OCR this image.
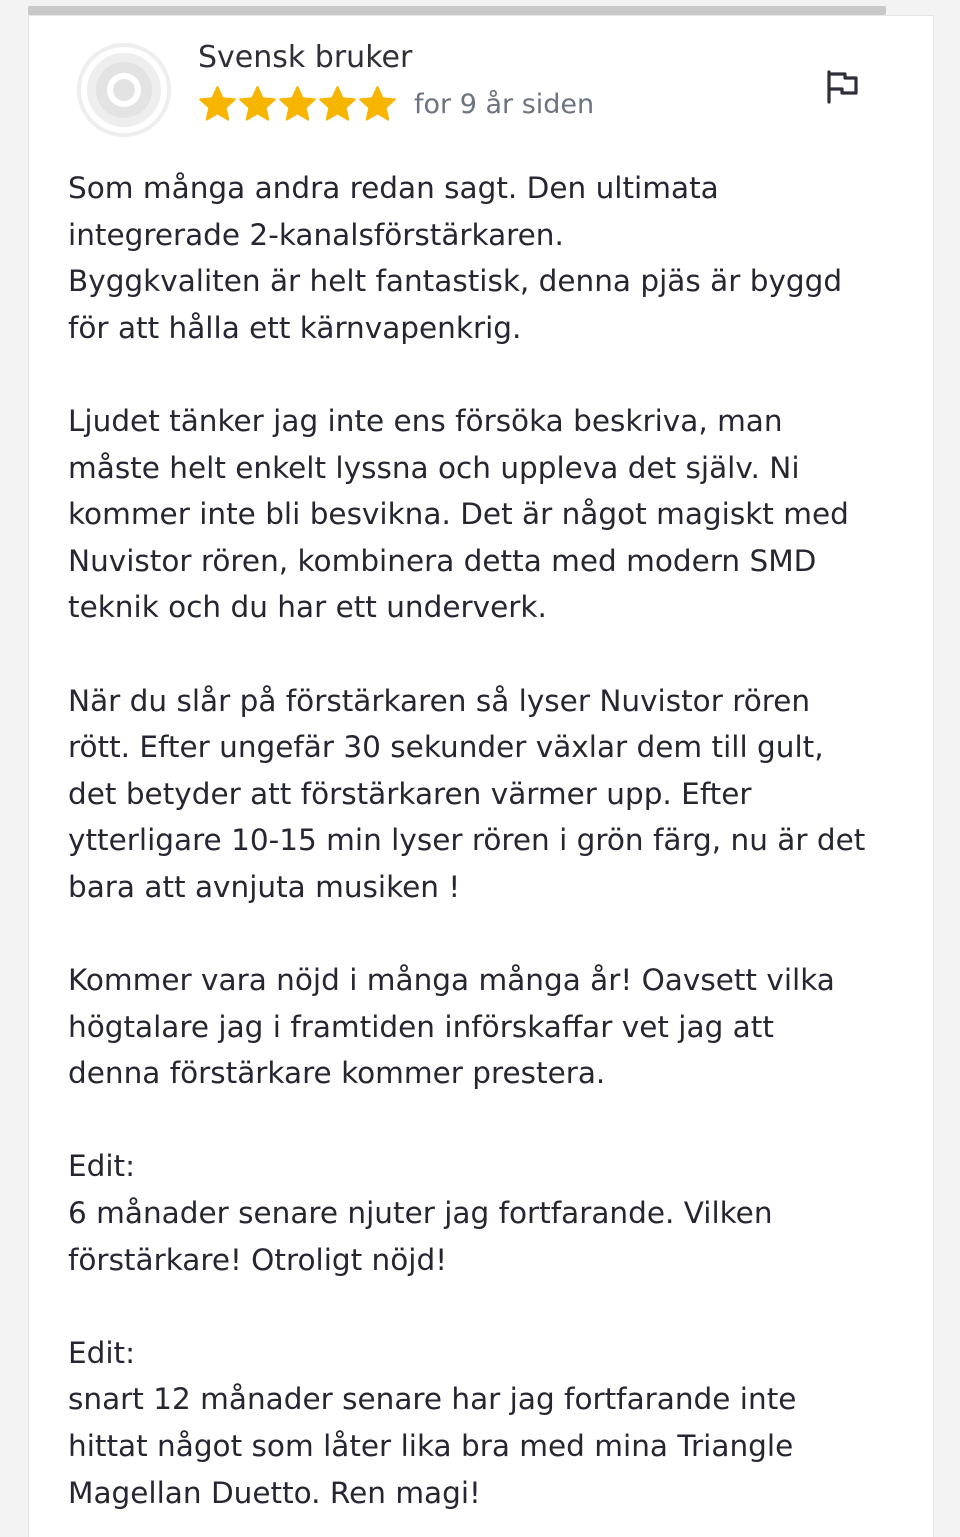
Svensk bruker
for 9 år siden

Som många andra redan sagt. Den ultimata
integrerade 2-kanalsförstärkaren.
Byggkvaliten är helt fantastisk, denna pjäs är byggd
för att hålla ett kärnvapenkrig.

Ljudet tänker jag inte ens försöka beskriva, man
måste helt enkelt lyssna och uppleva det själv. Ni
kommer inte bli besvikna. Det är något magiskt med
Nuvistor rören, kombinera detta med modern SMD
teknik och du har ett underverk.

När du slår på förstärkaren så lyser Nuvistor rören
rött. Efter ungefär 30 sekunder växlar dem till gult,
det betyder att förstärkaren värmer upp. Efter
ytterligare 10-15 min lyser rören i grön färg, nu är det
bara att avnjuta musiken !

Kommer vara nöjd i många många år! Oavsett vilka
högtalare jag i framtiden införskaffar vet jag att
denna förstärkare kommer prestera.

Edit:
6 månader senare njuter jag fortfarande. Vilken
förstärkare! Otroligt nöjd!

Edit:
snart 12 månader senare har jag fortfarande inte
hittat något som låter lika bra med mina Triangle
Magellan Duetto. Ren magi!
